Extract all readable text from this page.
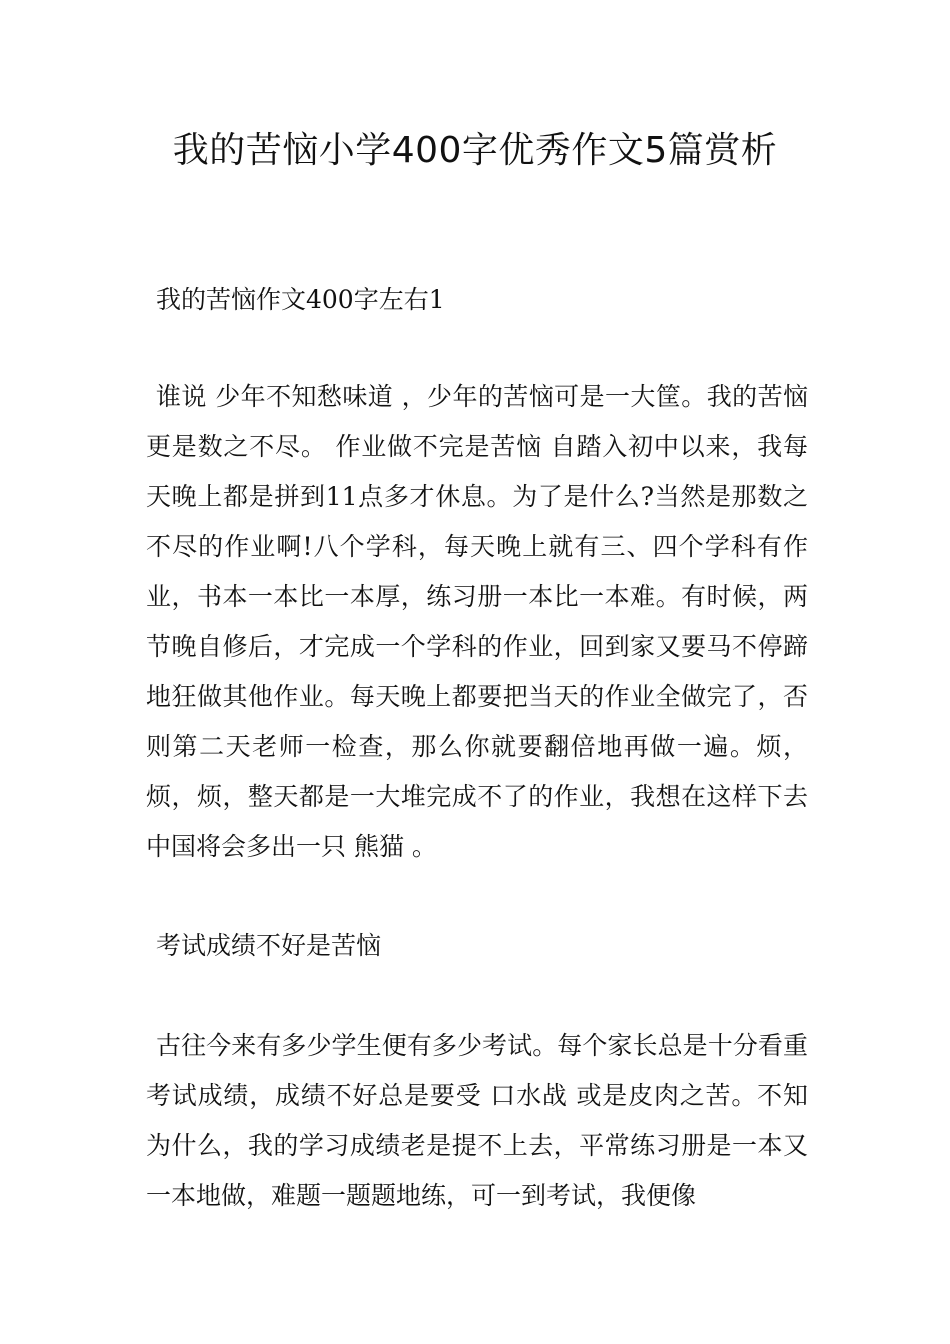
我的苦恼小学400字优秀作文5篇赏析

我的苦恼作文400字左右1

谁说 少年不知愁味道 ，少年的苦恼可是一大筐。我的苦恼更是数之不尽。 作业做不完是苦恼 自踏入初中以来，我每天晚上都是拼到11点多才休息。为了是什么?当然是那数之不尽的作业啊!八个学科，每天晚上就有三、四个学科有作业，书本一本比一本厚，练习册一本比一本难。有时候，两节晚自修后，才完成一个学科的作业，回到家又要马不停蹄地狂做其他作业。每天晚上都要把当天的作业全做完了，否则第二天老师一检查，那么你就要翻倍地再做一遍。烦，烦，烦，整天都是一大堆完成不了的作业，我想在这样下去中国将会多出一只 熊猫 。

考试成绩不好是苦恼

古往今来有多少学生便有多少考试。每个家长总是十分看重考试成绩，成绩不好总是要受 口水战 或是皮肉之苦。不知为什么，我的学习成绩老是提不上去，平常练习册是一本又一本地做，难题一题题地练，可一到考试，我便像
